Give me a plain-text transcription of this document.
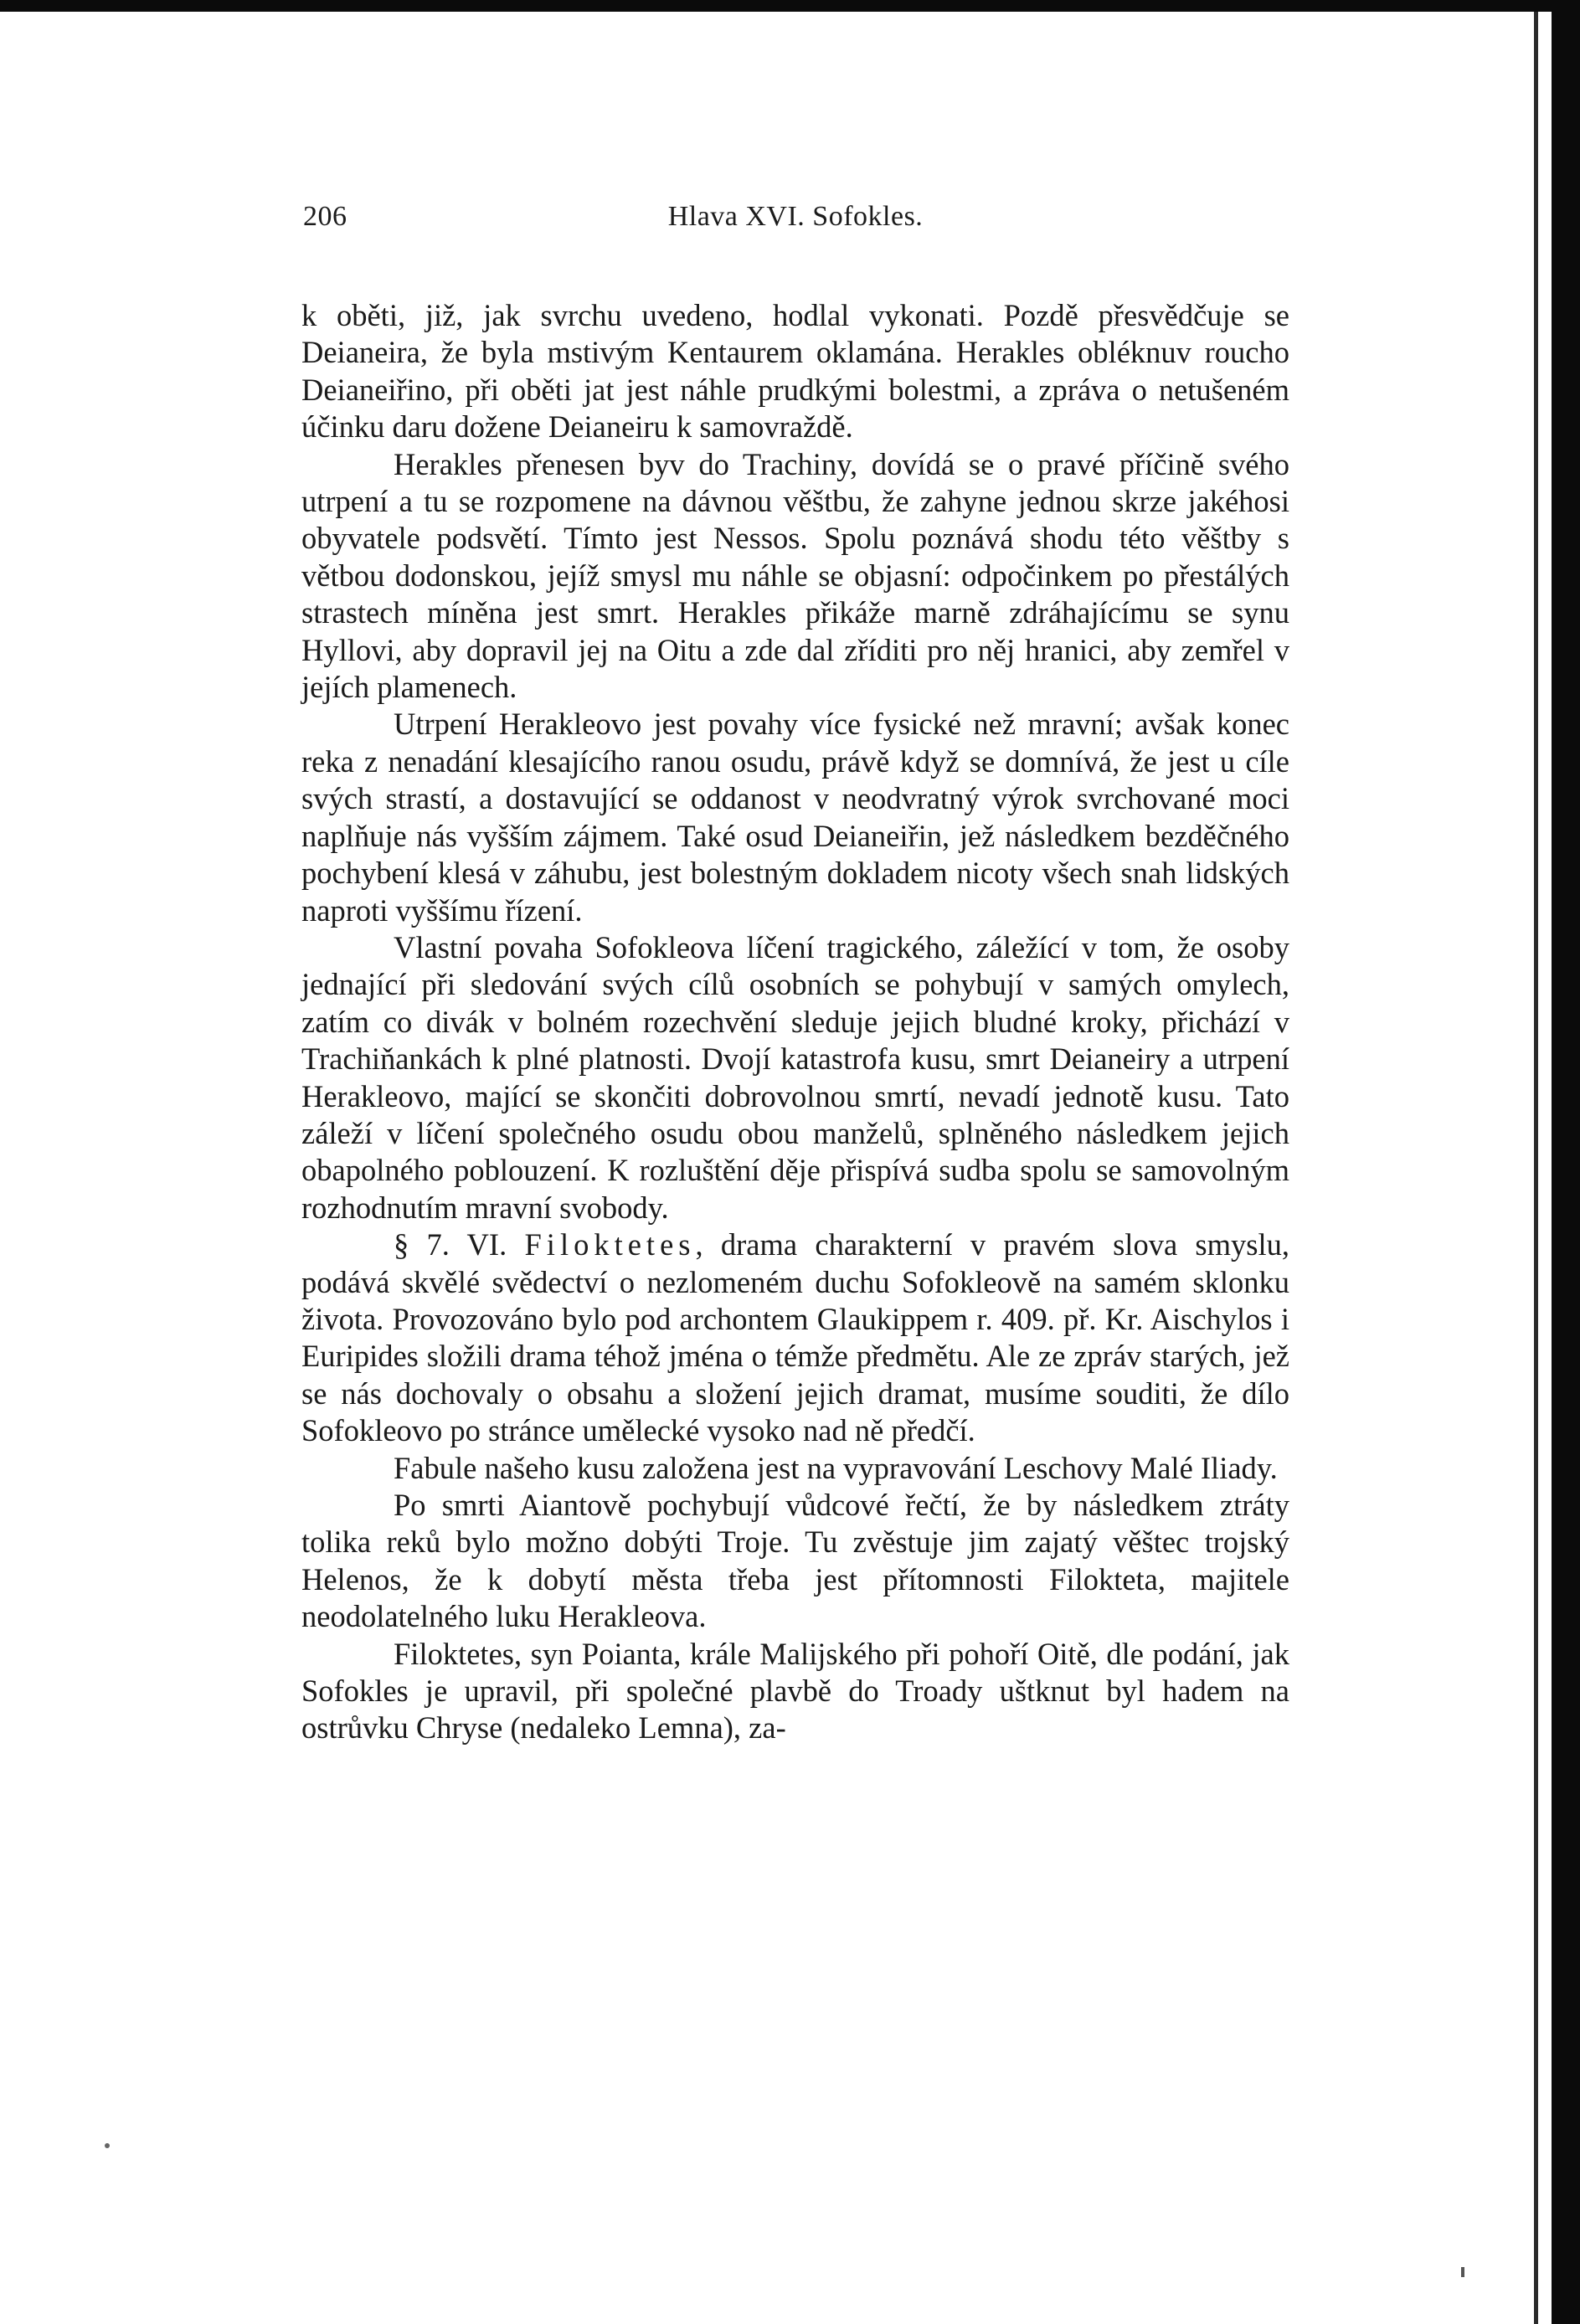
206	Hlava XVI. Sofokles.

k oběti, již, jak svrchu uvedeno, hodlal vykonati. Pozdě přesvědčuje se Deianeira, že byla mstivým Kentaurem oklamána. Herakles obléknuv roucho Deianeiřino, při oběti jat jest náhle prudkými bolestmi, a zpráva o netušeném účinku daru dožene Deianeiru k samovraždě.

Herakles přenesen byv do Trachiny, dovídá se o pravé příčině svého utrpení a tu se rozpomene na dávnou věštbu, že zahyne jednou skrze jakéhosi obyvatele podsvětí. Tímto jest Nessos. Spolu poznává shodu této věštby s větbou dodonskou, jejíž smysl mu náhle se objasní: odpočinkem po přestálých strastech míněna jest smrt. Herakles přikáže marně zdráhajícímu se synu Hyllovi, aby dopravil jej na Oitu a zde dal zříditi pro něj hranici, aby zemřel v jejích plamenech.

Utrpení Herakleovo jest povahy více fysické než mravní; avšak konec reka z nenadání klesajícího ranou osudu, právě když se domnívá, že jest u cíle svých strastí, a dostavující se oddanost v neodvratný výrok svrchované moci naplňuje nás vyšším zájmem. Také osud Deianeiřin, jež následkem bezděčného pochybení klesá v záhubu, jest bolestným dokladem nicoty všech snah lidských naproti vyššímu řízení.

Vlastní povaha Sofokleova líčení tragického, záležící v tom, že osoby jednající při sledování svých cílů osobních se pohybují v samých omylech, zatím co divák v bolném rozechvění sleduje jejich bludné kroky, přichází v Trachiňankách k plné platnosti. Dvojí katastrofa kusu, smrt Deianeiry a utrpení Herakleovo, mající se skončiti dobrovolnou smrtí, nevadí jednotě kusu. Tato záleží v líčení společného osudu obou manželů, splněného následkem jejich obapolného poblouzení. K rozluštění děje přispívá sudba spolu se samovolným rozhodnutím mravní svobody.

§ 7. VI. Filoktetes, drama charakterní v pravém slova smyslu, podává skvělé svědectví o nezlomeném duchu Sofokleově na samém sklonku života. Provozováno bylo pod archontem Glaukippem r. 409. př. Kr. Aischylos i Euripides složili drama téhož jména o témže předmětu. Ale ze zpráv starých, jež se nás dochovaly o obsahu a složení jejich dramat, musíme souditi, že dílo Sofokleovo po stránce umělecké vysoko nad ně předčí.

Fabule našeho kusu založena jest na vypravování Leschovy Malé Iliady.

Po smrti Aiantově pochybují vůdcové řečtí, že by následkem ztráty tolika reků bylo možno dobýti Troje. Tu zvěstuje jim zajatý věštec trojský Helenos, že k dobytí města třeba jest přítomnosti Filokteta, majitele neodolatelného luku Herakleova.

Filoktetes, syn Poianta, krále Malijského při pohoří Oitě, dle podání, jak Sofokles je upravil, při společné plavbě do Troady uštknut byl hadem na ostrůvku Chryse (nedaleko Lemna), za-
